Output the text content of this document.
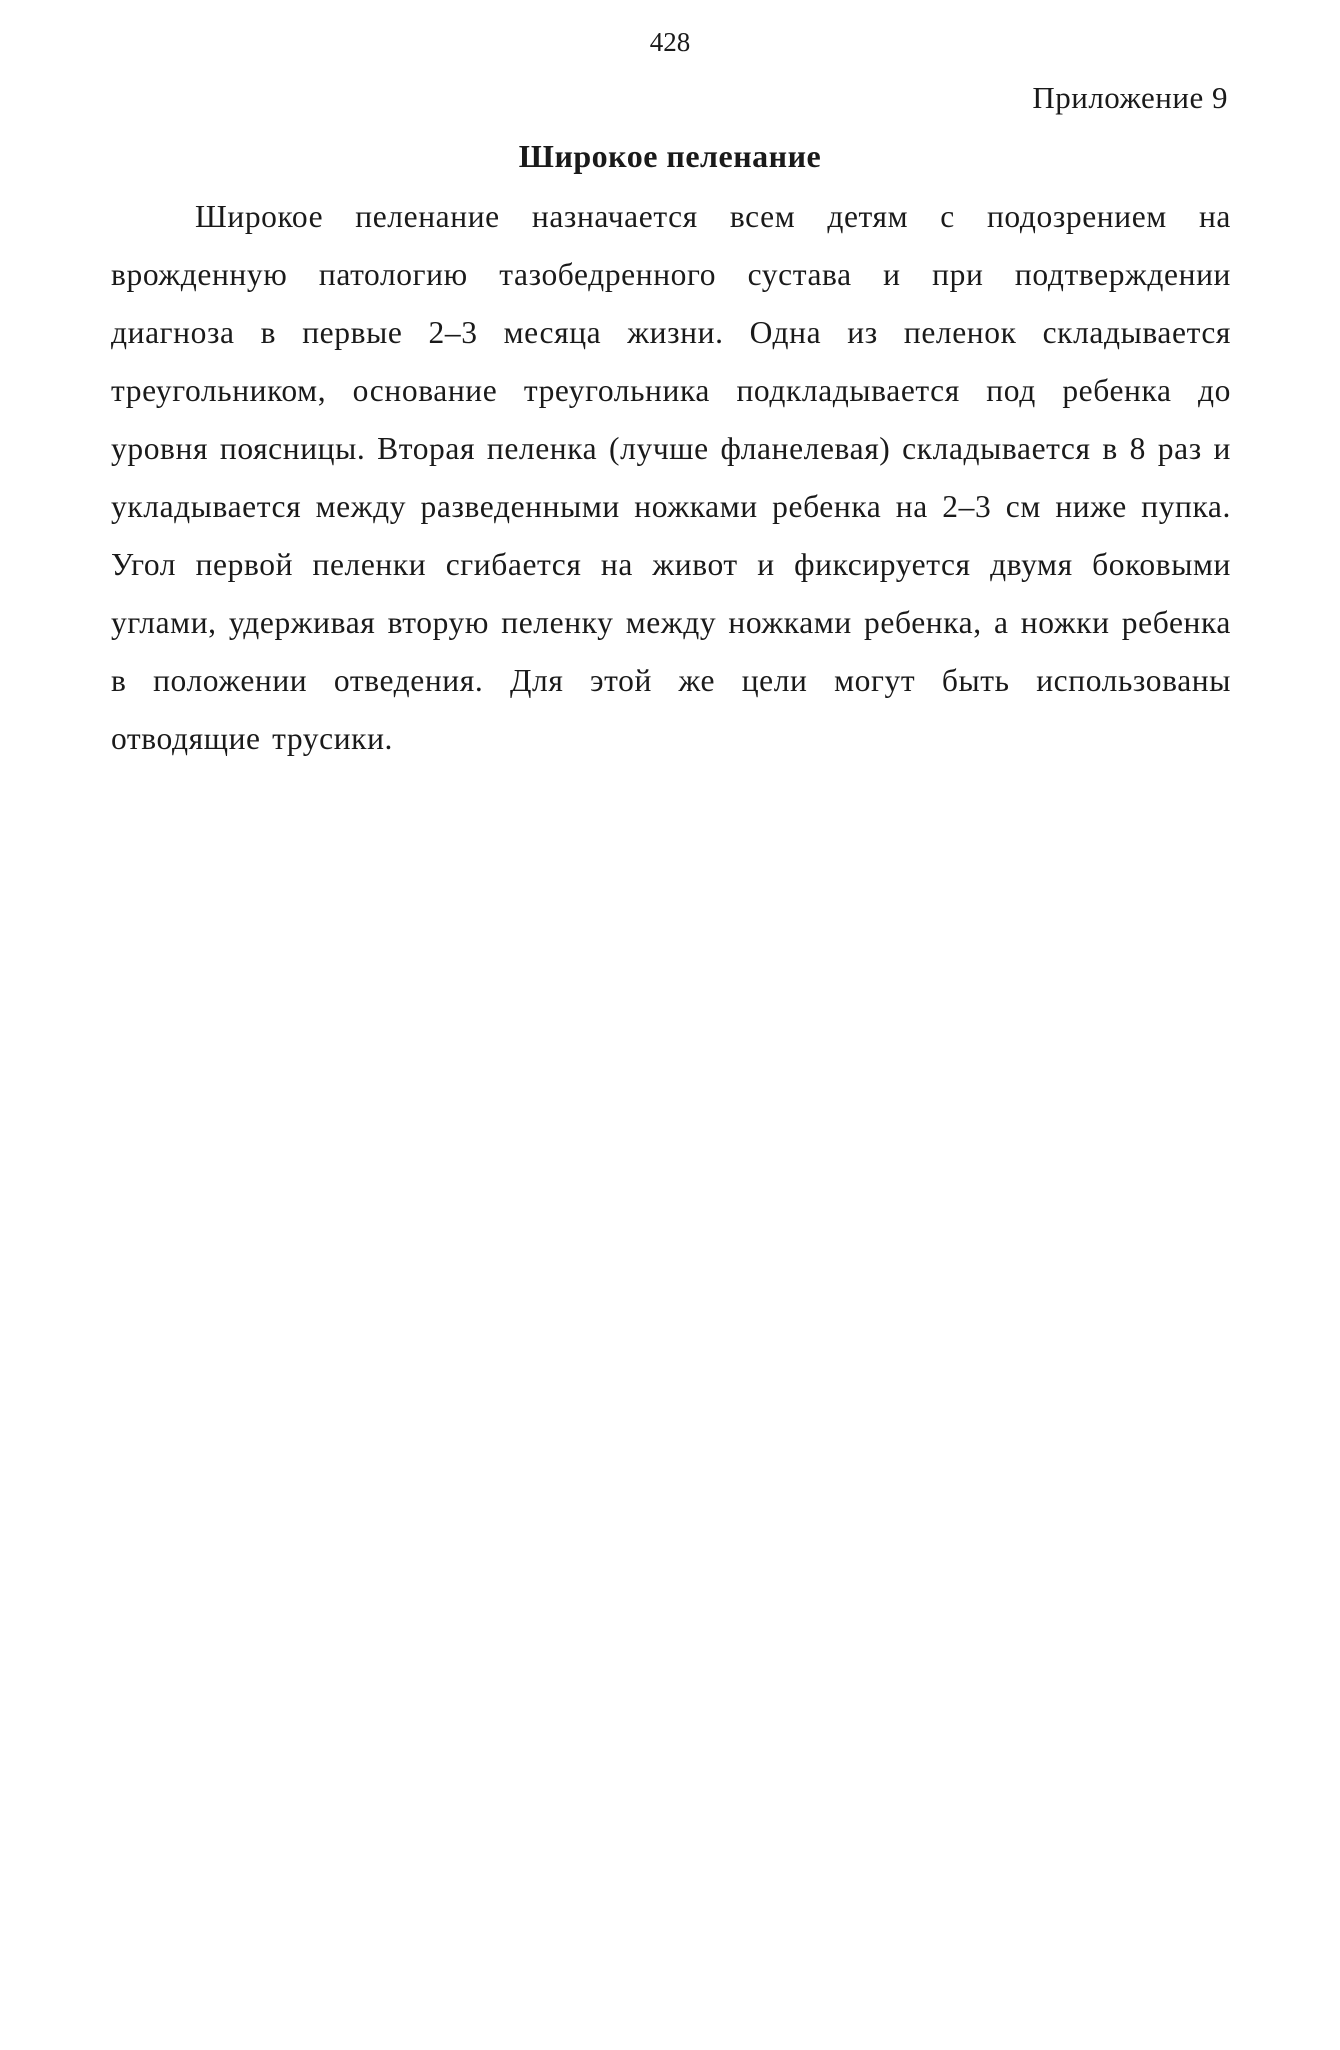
428
Приложение 9
Широкое пеленание

Широкое пеленание назначается всем детям с подозрением на врожденную патологию тазобедренного сустава и при подтверждении диагноза в первые 2–3 месяца жизни. Одна из пеленок складывается треугольником, основание треугольника подкладывается под ребенка до уровня поясницы. Вторая пеленка (лучше фланелевая) складывается в 8 раз и укладывается между разведенными ножками ребенка на 2–3 см ниже пупка. Угол первой пеленки сгибается на живот и фиксируется двумя боковыми углами, удерживая вторую пеленку между ножками ребенка, а ножки ребенка в положении отведения. Для этой же цели могут быть использованы отводящие трусики.
